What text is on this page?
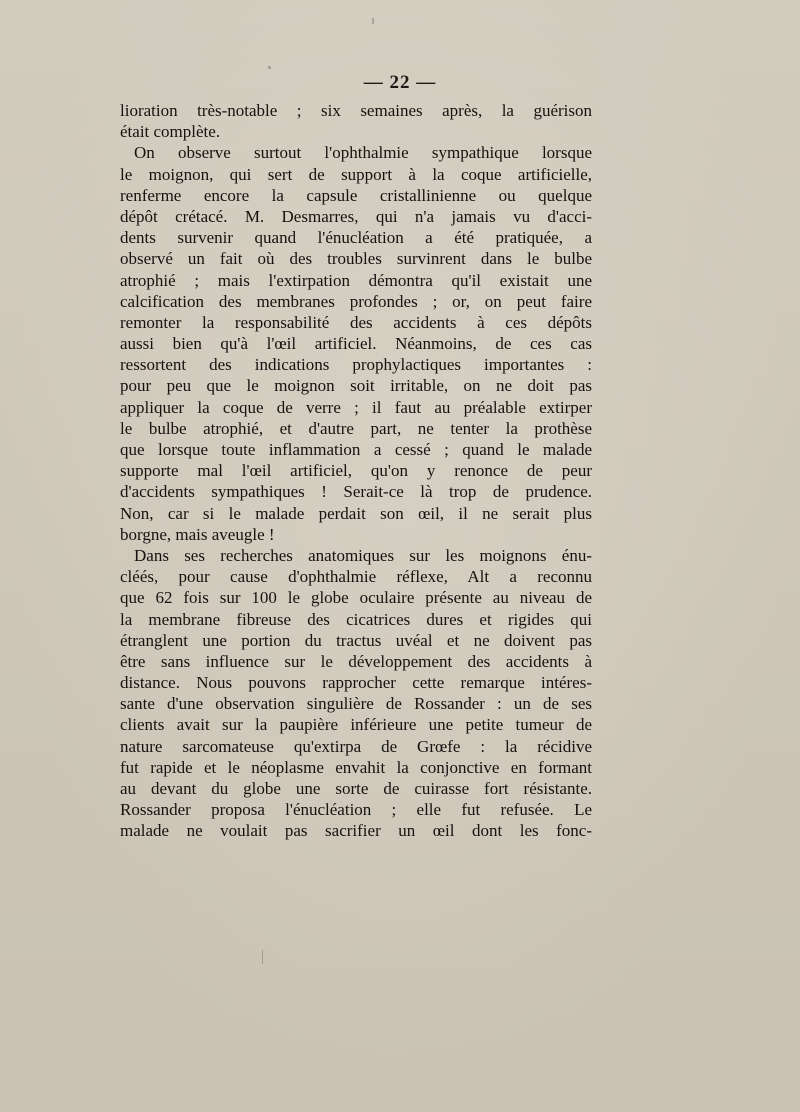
— 22 —
lioration très-notable ; six semaines après, la guérison
était complète.
On observe surtout l'ophthalmie sympathique lorsque
le moignon, qui sert de support à la coque artificielle,
renferme encore la capsule cristallinienne ou quelque
dépôt crétacé. M. Desmarres, qui n'a jamais vu d'acci-
dents survenir quand l'énucléation a été pratiquée, a
observé un fait où des troubles survinrent dans le bulbe
atrophié ; mais l'extirpation démontra qu'il existait une
calcification des membranes profondes ; or, on peut faire
remonter la responsabilité des accidents à ces dépôts
aussi bien qu'à l'œil artificiel. Néanmoins, de ces cas
ressortent des indications prophylactiques importantes :
pour peu que le moignon soit irritable, on ne doit pas
appliquer la coque de verre ; il faut au préalable extirper
le bulbe atrophié, et d'autre part, ne tenter la prothèse
que lorsque toute inflammation a cessé ; quand le malade
supporte mal l'œil artificiel, qu'on y renonce de peur
d'accidents sympathiques ! Serait-ce là trop de prudence.
Non, car si le malade perdait son œil, il ne serait plus
borgne, mais aveugle !
Dans ses recherches anatomiques sur les moignons énu-
cléés, pour cause d'ophthalmie réflexe, Alt a reconnu
que 62 fois sur 100 le globe oculaire présente au niveau de
la membrane fibreuse des cicatrices dures et rigides qui
étranglent une portion du tractus uvéal et ne doivent pas
être sans influence sur le développement des accidents à
distance. Nous pouvons rapprocher cette remarque intéres-
sante d'une observation singulière de Rossander : un de ses
clients avait sur la paupière inférieure une petite tumeur de
nature sarcomateuse qu'extirpa de Grœfe : la récidive
fut rapide et le néoplasme envahit la conjonctive en formant
au devant du globe une sorte de cuirasse fort résistante.
Rossander proposa l'énucléation ; elle fut refusée. Le
malade ne voulait pas sacrifier un œil dont les fonc-
